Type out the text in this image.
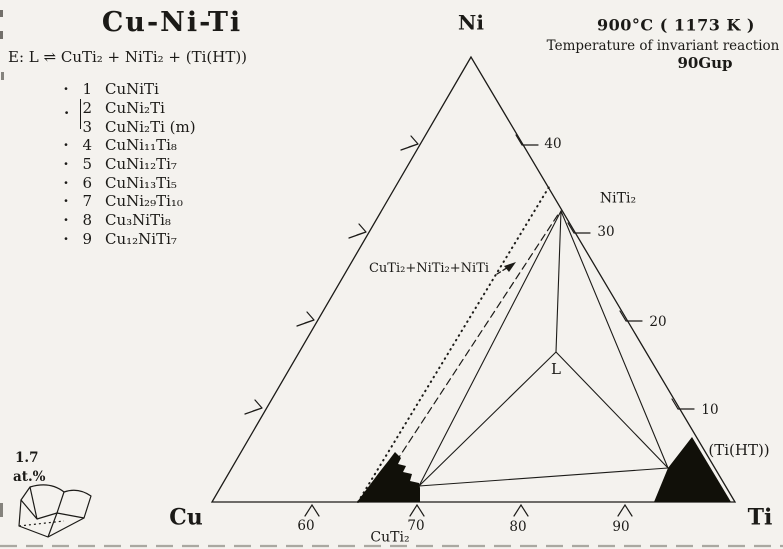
Cu-Ni-Ti
E: L ⇌ CuTi₂ + NiTi₂ + (Ti(HT))
· 1 CuNiTi
2 CuNi₂Ti
3 CuNi₂Ti (m)
· 4 CuNi₁₁Ti₈
· 5 CuNi₁₂Ti₇
· 6 CuNi₁₃Ti₅
· 7 CuNi₂₉Ti₁₀
· 8 Cu₃NiTi₈
· 9 Cu₁₂NiTi₇
·
900°C ( 1173 K )
Temperature of invariant reaction
90Gup
Ni
Cu	Ti
NiTi₂
L
(Ti(HT))
CuTi₂
CuTi₂+NiTi₂+NiTi
40
30
20
10
60	70	80	90
1.7
at.%
